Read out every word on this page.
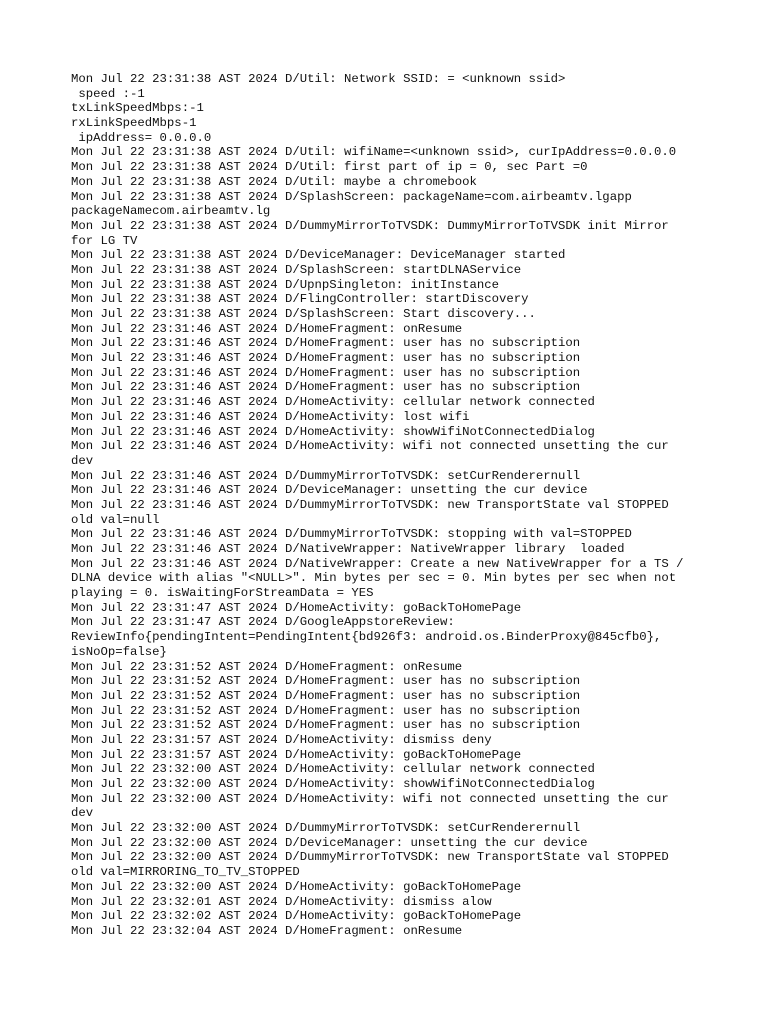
Mon Jul 22 23:31:38 AST 2024 D/Util: Network SSID: = <unknown ssid>
speed :-1
txLinkSpeedMbps:-1
rxLinkSpeedMbps-1
ipAddress= 0.0.0.0
Mon Jul 22 23:31:38 AST 2024 D/Util: wifiName=<unknown ssid>, curIpAddress=0.0.0.0
Mon Jul 22 23:31:38 AST 2024 D/Util: first part of ip = 0, sec Part =0
Mon Jul 22 23:31:38 AST 2024 D/Util: maybe a chromebook
Mon Jul 22 23:31:38 AST 2024 D/SplashScreen: packageName=com.airbeamtv.lgapp
packageNamecom.airbeamtv.lg
Mon Jul 22 23:31:38 AST 2024 D/DummyMirrorToTVSDK: DummyMirrorToTVSDK init Mirror
for LG TV
Mon Jul 22 23:31:38 AST 2024 D/DeviceManager: DeviceManager started
Mon Jul 22 23:31:38 AST 2024 D/SplashScreen: startDLNAService
Mon Jul 22 23:31:38 AST 2024 D/UpnpSingleton: initInstance
Mon Jul 22 23:31:38 AST 2024 D/FlingController: startDiscovery
Mon Jul 22 23:31:38 AST 2024 D/SplashScreen: Start discovery...
Mon Jul 22 23:31:46 AST 2024 D/HomeFragment: onResume
Mon Jul 22 23:31:46 AST 2024 D/HomeFragment: user has no subscription
Mon Jul 22 23:31:46 AST 2024 D/HomeFragment: user has no subscription
Mon Jul 22 23:31:46 AST 2024 D/HomeFragment: user has no subscription
Mon Jul 22 23:31:46 AST 2024 D/HomeFragment: user has no subscription
Mon Jul 22 23:31:46 AST 2024 D/HomeActivity: cellular network connected
Mon Jul 22 23:31:46 AST 2024 D/HomeActivity: lost wifi
Mon Jul 22 23:31:46 AST 2024 D/HomeActivity: showWifiNotConnectedDialog
Mon Jul 22 23:31:46 AST 2024 D/HomeActivity: wifi not connected unsetting the cur
dev
Mon Jul 22 23:31:46 AST 2024 D/DummyMirrorToTVSDK: setCurRenderernull
Mon Jul 22 23:31:46 AST 2024 D/DeviceManager: unsetting the cur device
Mon Jul 22 23:31:46 AST 2024 D/DummyMirrorToTVSDK: new TransportState val STOPPED
old val=null
Mon Jul 22 23:31:46 AST 2024 D/DummyMirrorToTVSDK: stopping with val=STOPPED
Mon Jul 22 23:31:46 AST 2024 D/NativeWrapper: NativeWrapper library  loaded
Mon Jul 22 23:31:46 AST 2024 D/NativeWrapper: Create a new NativeWrapper for a TS /
DLNA device with alias "<NULL>". Min bytes per sec = 0. Min bytes per sec when not
playing = 0. isWaitingForStreamData = YES
Mon Jul 22 23:31:47 AST 2024 D/HomeActivity: goBackToHomePage
Mon Jul 22 23:31:47 AST 2024 D/GoogleAppstoreReview:
ReviewInfo{pendingIntent=PendingIntent{bd926f3: android.os.BinderProxy@845cfb0},
isNoOp=false}
Mon Jul 22 23:31:52 AST 2024 D/HomeFragment: onResume
Mon Jul 22 23:31:52 AST 2024 D/HomeFragment: user has no subscription
Mon Jul 22 23:31:52 AST 2024 D/HomeFragment: user has no subscription
Mon Jul 22 23:31:52 AST 2024 D/HomeFragment: user has no subscription
Mon Jul 22 23:31:52 AST 2024 D/HomeFragment: user has no subscription
Mon Jul 22 23:31:57 AST 2024 D/HomeActivity: dismiss deny
Mon Jul 22 23:31:57 AST 2024 D/HomeActivity: goBackToHomePage
Mon Jul 22 23:32:00 AST 2024 D/HomeActivity: cellular network connected
Mon Jul 22 23:32:00 AST 2024 D/HomeActivity: showWifiNotConnectedDialog
Mon Jul 22 23:32:00 AST 2024 D/HomeActivity: wifi not connected unsetting the cur
dev
Mon Jul 22 23:32:00 AST 2024 D/DummyMirrorToTVSDK: setCurRenderernull
Mon Jul 22 23:32:00 AST 2024 D/DeviceManager: unsetting the cur device
Mon Jul 22 23:32:00 AST 2024 D/DummyMirrorToTVSDK: new TransportState val STOPPED
old val=MIRRORING_TO_TV_STOPPED
Mon Jul 22 23:32:00 AST 2024 D/HomeActivity: goBackToHomePage
Mon Jul 22 23:32:01 AST 2024 D/HomeActivity: dismiss alow
Mon Jul 22 23:32:02 AST 2024 D/HomeActivity: goBackToHomePage
Mon Jul 22 23:32:04 AST 2024 D/HomeFragment: onResume
